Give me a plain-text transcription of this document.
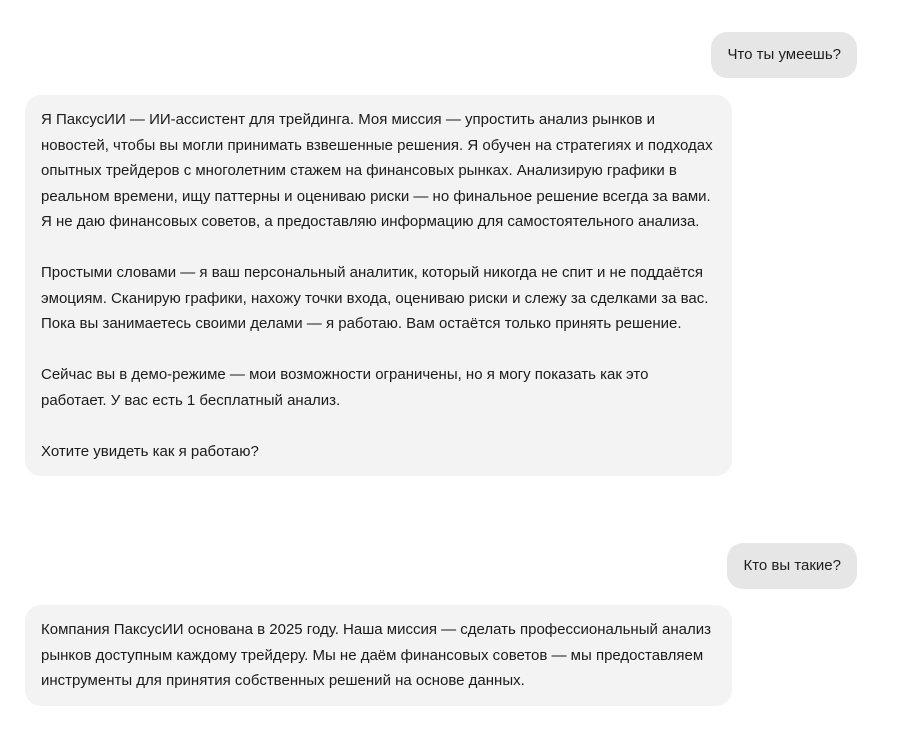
Что ты умеешь?

Я ПаксусИИ — ИИ-ассистент для трейдинга. Моя миссия — упростить анализ рынков и новостей, чтобы вы могли принимать взвешенные решения. Я обучен на стратегиях и подходах опытных трейдеров с многолетним стажем на финансовых рынках. Анализирую графики в реальном времени, ищу паттерны и оцениваю риски — но финальное решение всегда за вами. Я не даю финансовых советов, а предоставляю информацию для самостоятельного анализа.

Простыми словами — я ваш персональный аналитик, который никогда не спит и не поддаётся эмоциям. Сканирую графики, нахожу точки входа, оцениваю риски и слежу за сделками за вас. Пока вы занимаетесь своими делами — я работаю. Вам остаётся только принять решение.

Сейчас вы в демо-режиме — мои возможности ограничены, но я могу показать как это работает. У вас есть 1 бесплатный анализ.

Хотите увидеть как я работаю?

Кто вы такие?

Компания ПаксусИИ основана в 2025 году. Наша миссия — сделать профессиональный анализ рынков доступным каждому трейдеру. Мы не даём финансовых советов — мы предоставляем инструменты для принятия собственных решений на основе данных.
